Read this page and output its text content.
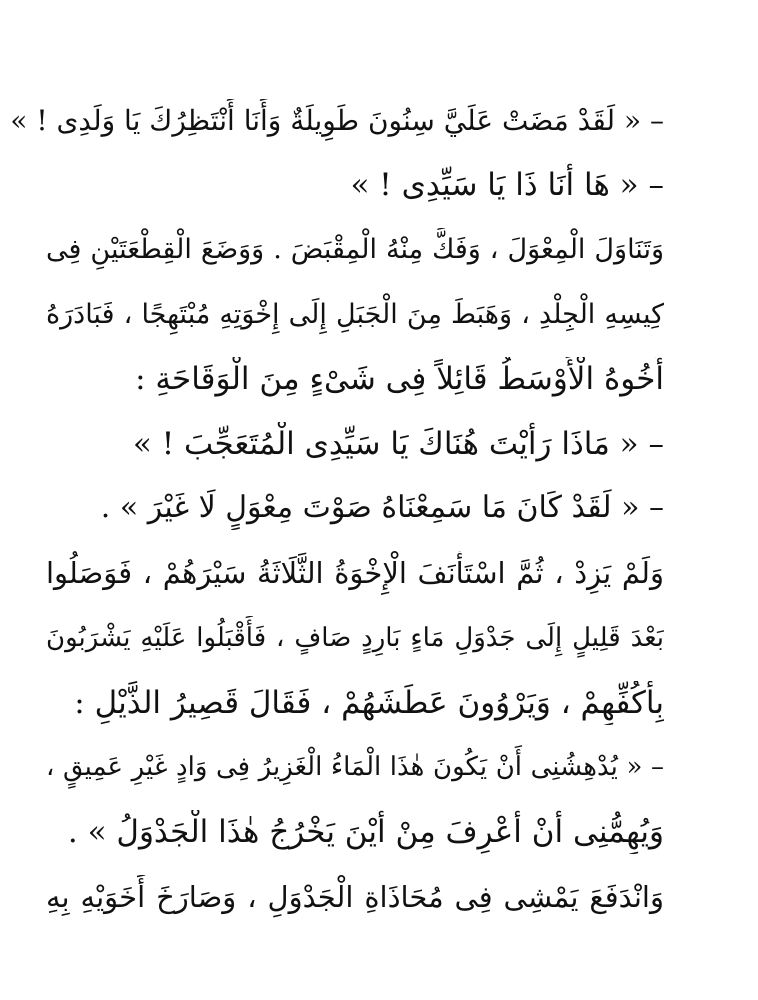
– « لَقَدْ مَضَتْ عَلَيَّ سِنُونَ طَوِيلَةٌ وَأَنَا أَنْتَظِرُكَ يَا وَلَدِى ! »

– « هَا أَنَا ذَا يَا سَيِّدِى ! »

وَتَنَاوَلَ الْمِعْوَلَ ، وَفَكَّ مِنْهُ الْمِقْبَضَ . وَوَضَعَ الْقِطْعَتَيْنِ فِى

كِيسِهِ الْجِلْدِ ، وَهَبَطَ مِنَ الْجَبَلِ إِلَى إِخْوَتِهِ مُبْتَهِجًا ، فَبَادَرَهُ

أَخُوهُ الْأَوْسَطُ قَائِلاً فِى شَىْءٍ مِنَ الْوَقَاحَةِ :

– « مَاذَا رَأَيْتَ هُنَاكَ يَا سَيِّدِى الْمُتَعَجِّبَ ! »

– « لَقَدْ كَانَ مَا سَمِعْنَاهُ صَوْتَ مِعْوَلٍ لَا غَيْرَ » .

وَلَمْ يَزِدْ ، ثُمَّ اسْتَأْنَفَ الْإِخْوَةُ الثَّلَاثَةُ سَيْرَهُمْ ، فَوَصَلُوا

بَعْدَ قَلِيلٍ إِلَى جَدْوَلِ مَاءٍ بَارِدٍ صَافٍ ، فَأَقْبَلُوا عَلَيْهِ يَشْرَبُونَ

بِأَكُفِّهِمْ ، وَيَرْوُونَ عَطَشَهُمْ ، فَقَالَ قَصِيرُ الذَّيْلِ :

– « يُدْهِشُنِى أَنْ يَكُونَ هٰذَا الْمَاءُ الْغَزِيرُ فِى وَادٍ غَيْرِ عَمِيقٍ ،

وَيُهِمُّنِى أَنْ أَعْرِفَ مِنْ أَيْنَ يَخْرُجُ هٰذَا الْجَدْوَلُ » .

وَانْدَفَعَ يَمْشِى فِى مُحَاذَاةِ الْجَدْوَلِ ، وَصَارَخَ أَخَوَيْهِ بِهِ
